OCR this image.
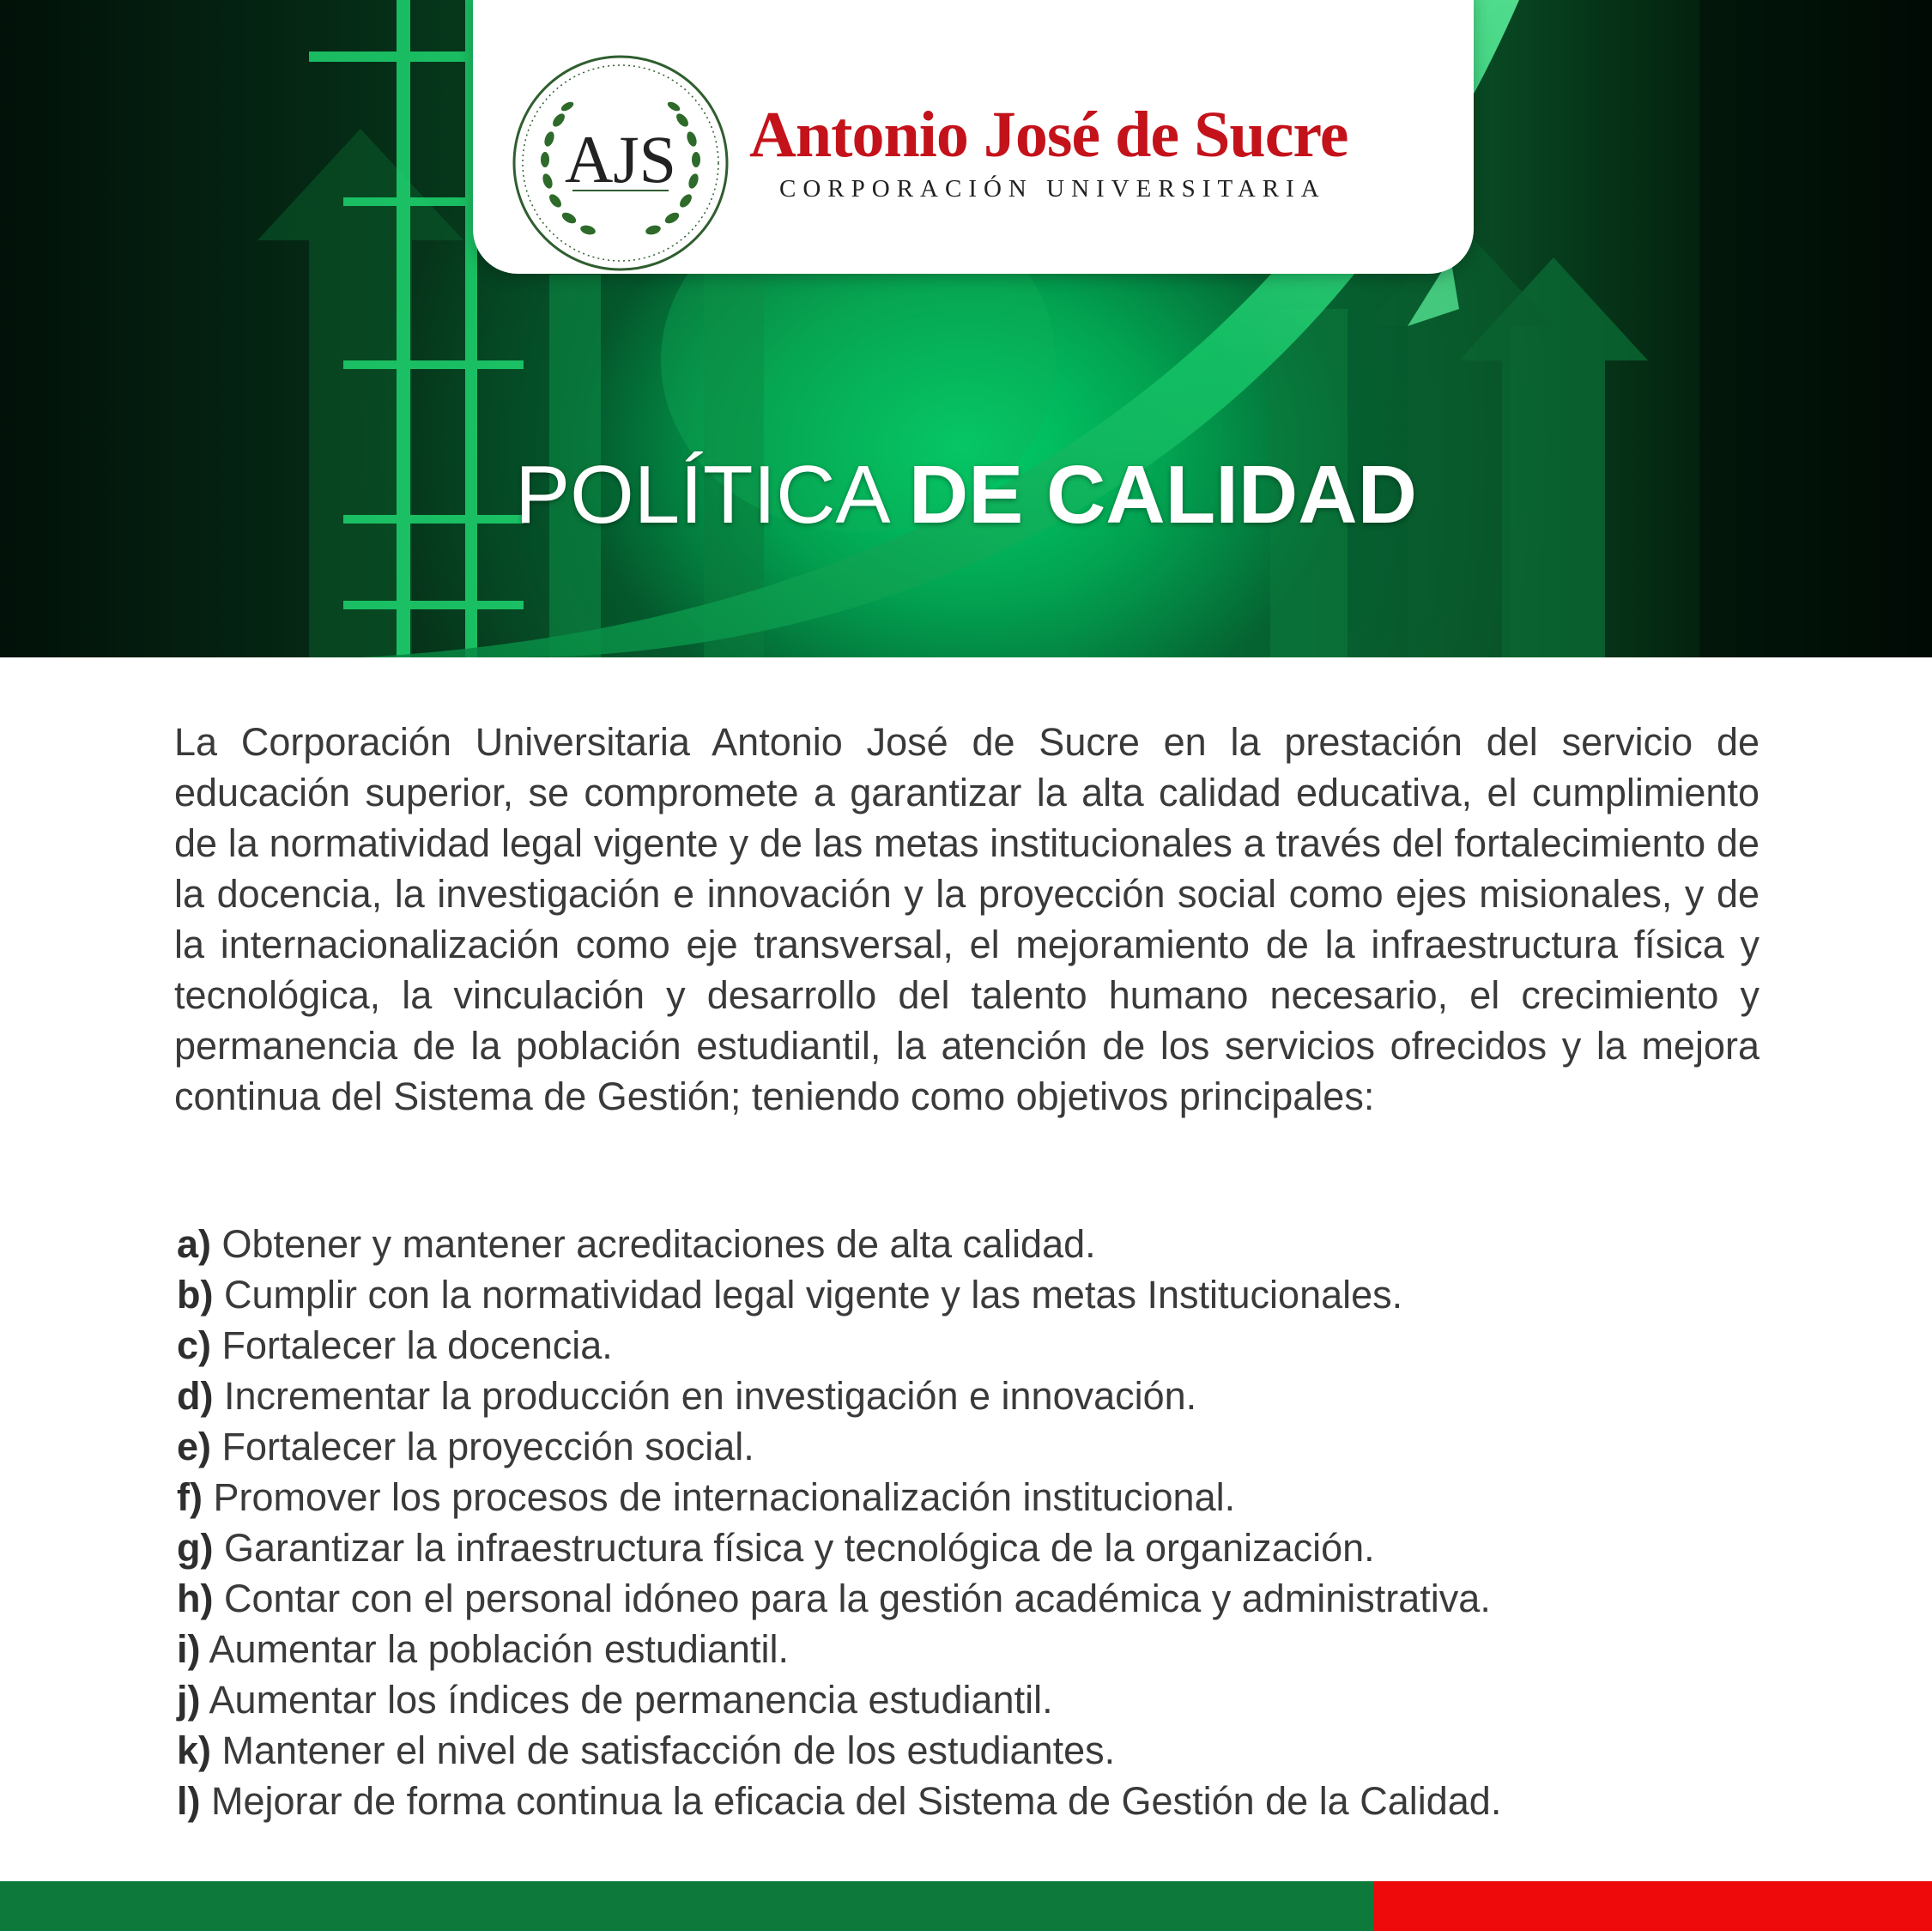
AJS Antonio José de Sucre
CORPORACIÓN UNIVERSITARIA
POLÍTICA DE CALIDAD

La Corporación Universitaria Antonio José de Sucre en la prestación del servicio de educación superior, se compromete a garantizar la alta calidad educativa, el cumplimiento de la normatividad legal vigente y de las metas institucionales a través del fortalecimiento de la docencia, la investigación e innovación y la proyección social como ejes misionales, y de la internacionalización como eje transversal, el mejoramiento de la infraestructura física y tecnológica, la vinculación y desarrollo del talento humano necesario, el crecimiento y permanencia de la población estudiantil, la atención de los servicios ofrecidos y la mejora continua del Sistema de Gestión; teniendo como objetivos principales:

a) Obtener y mantener acreditaciones de alta calidad.
b) Cumplir con la normatividad legal vigente y las metas Institucionales.
c) Fortalecer la docencia.
d) Incrementar la producción en investigación e innovación.
e) Fortalecer la proyección social.
f) Promover los procesos de internacionalización institucional.
g) Garantizar la infraestructura física y tecnológica de la organización.
h) Contar con el personal idóneo para la gestión académica y administrativa.
i) Aumentar la población estudiantil.
j) Aumentar los índices de permanencia estudiantil.
k) Mantener el nivel de satisfacción de los estudiantes.
l) Mejorar de forma continua la eficacia del Sistema de Gestión de la Calidad.
